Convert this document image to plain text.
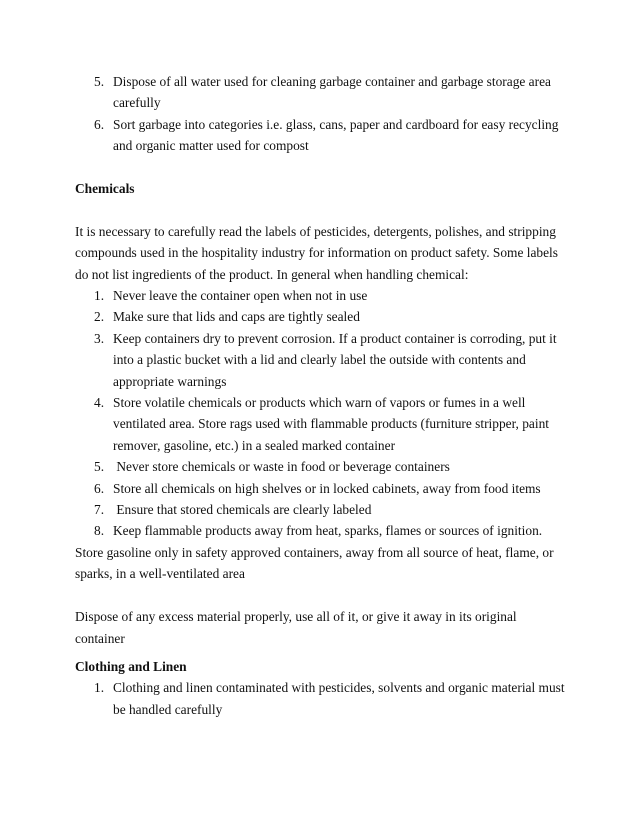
5. Dispose of all water used for cleaning garbage container and garbage storage area carefully
6. Sort garbage into categories i.e. glass, cans, paper and cardboard for easy recycling and organic matter used for compost

Chemicals

It is necessary to carefully read the labels of pesticides, detergents, polishes, and stripping compounds used in the hospitality industry for information on product safety. Some labels do not list ingredients of the product. In general when handling chemical:

1. Never leave the container open when not in use
2. Make sure that lids and caps are tightly sealed
3. Keep containers dry to prevent corrosion. If a product container is corroding, put it into a plastic bucket with a lid and clearly label the outside with contents and appropriate warnings
4. Store volatile chemicals or products which warn of vapors or fumes in a well ventilated area. Store rags used with flammable products (furniture stripper, paint remover, gasoline, etc.) in a sealed marked container
5. Never store chemicals or waste in food or beverage containers
6. Store all chemicals on high shelves or in locked cabinets, away from food items
7. Ensure that stored chemicals are clearly labeled
8. Keep flammable products away from heat, sparks, flames or sources of ignition.

Store gasoline only in safety approved containers, away from all source of heat, flame, or sparks, in a well-ventilated area

Dispose of any excess material properly, use all of it, or give it away in its original container

Clothing and Linen

1. Clothing and linen contaminated with pesticides, solvents and organic material must be handled carefully
